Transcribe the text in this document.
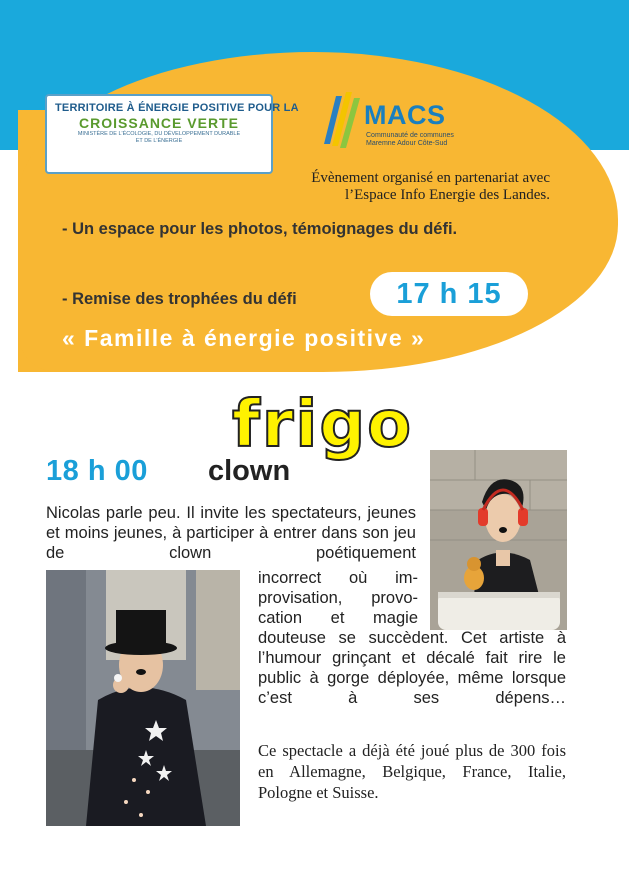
TERRITOIRE À ÉNERGIE POSITIVE POUR LA
CROISSANCE VERTE
MINISTÈRE DE L'ÉCOLOGIE, DU DÉVELOPPEMENT DURABLE
ET DE L'ÉNERGIE
MACS
Communauté de communes
Maremne Adour Côte-Sud
Évènement organisé en partenariat avec
l’Espace Info Energie des Landes.
- Un espace pour les photos, témoignages du défi.
- Remise des trophées du défi	17 h 15
« Famille à énergie positive »
frigo
18 h 00 clown
Nicolas parle peu. Il invite les spectateurs, jeunes et moins jeunes, à participer à entrer dans son jeu de clown poétiquement
incorrect où im- provisation, provo- cation et magie
douteuse se succèdent. Cet artiste à l’humour grinçant et décalé fait rire le public à gorge déployée, même lorsque c’est à ses dépens…
Ce spectacle a déjà été joué plus de 300 fois en Allemagne, Belgique, France, Italie, Pologne et Suisse.
